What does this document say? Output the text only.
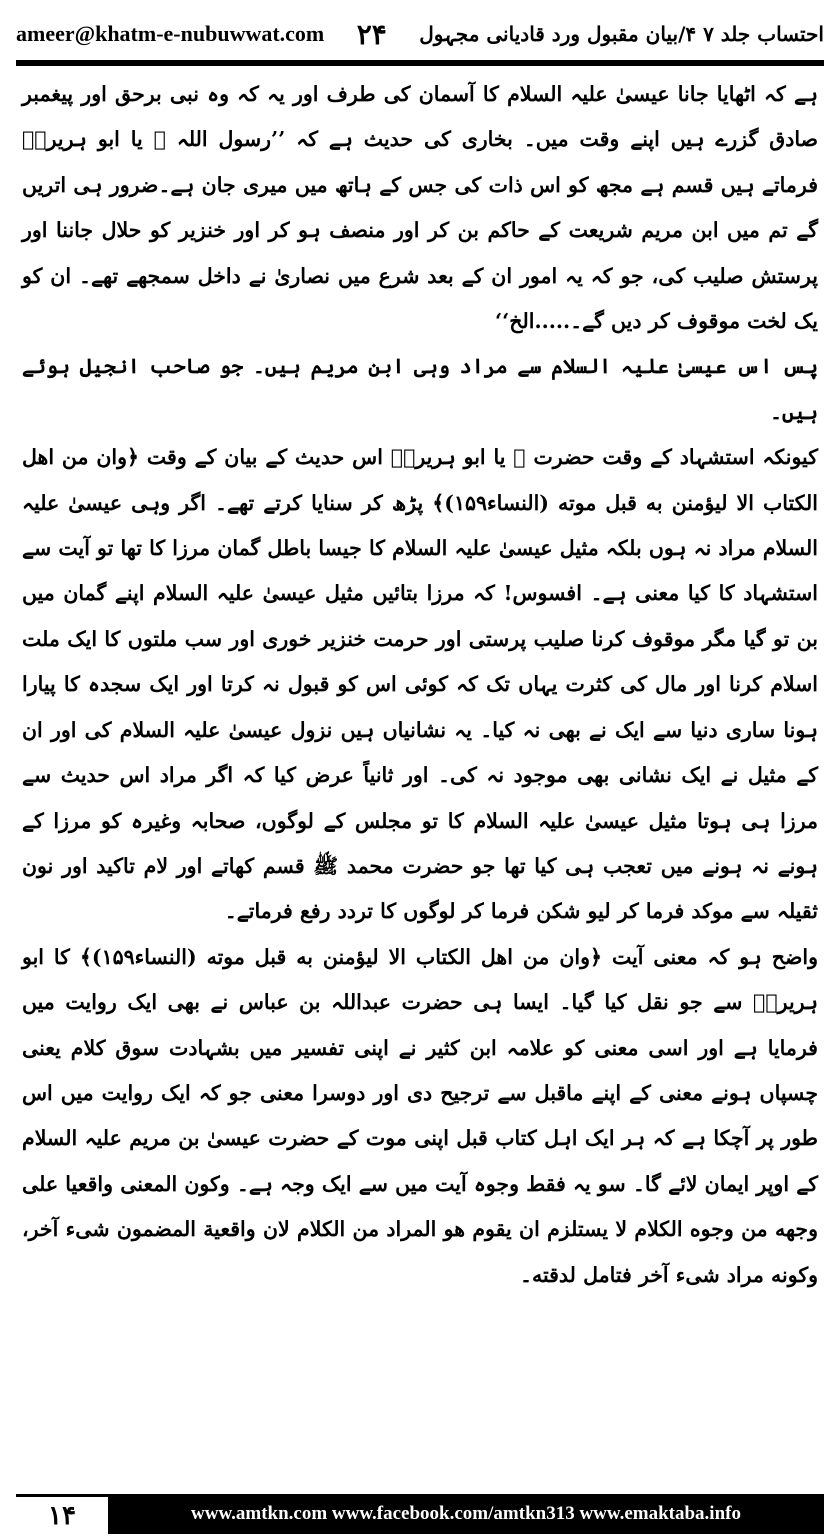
ameer@khatm-e-nubuwwat.com ۲۴ احتساب جلد ۷ ۴/بیان مقبول ورد قادیانی مجہول

ہے کہ اٹھایا جانا عیسیٰ علیہ السلام کا آسمان کی طرف اور یہ کہ وہ نبی برحق اور پیغمبر صادق گزرے ہیں اپنے وقت میں۔ بخاری کی حدیث ہے کہ ’’رسول اللہ ﷺ یا ابو ہریرہؓ فرماتے ہیں قسم ہے مجھ کو اس ذات کی جس کے ہاتھ میں میری جان ہے۔ضرور ہی اتریں گے تم میں ابن مریم شریعت کے حاکم بن کر اور منصف ہو کر اور خنزیر کو حلال جاننا اور پرستش صلیب کی، جو کہ یہ امور ان کے بعد شرع میں نصاریٰ نے داخل سمجھے تھے۔ ان کو یک لخت موقوف کر دیں گے۔.....الخ‘‘

پس اس عیسیٰ علیہ السلام سے مراد وہی ابن مریم ہیں۔ جو صاحب انجیل ہوئے ہیں۔

کیونکہ استشہاد کے وقت حضرت ﷺ یا ابو ہریرہؓ اس حدیث کے بیان کے وقت ﴿وان من اهل الكتاب الا ليؤمنن به قبل موته (النساء۱۵۹)﴾ پڑھ کر سنایا کرتے تھے۔ اگر وہی عیسیٰ علیہ السلام مراد نہ ہوں بلکہ مثیل عیسیٰ علیہ السلام کا جیسا باطل گمان مرزا کا تھا تو آیت سے استشہاد کا کیا معنی ہے۔ افسوس! کہ مرزا بتائیں مثیل عیسیٰ علیہ السلام اپنے گمان میں بن تو گیا مگر موقوف کرنا صلیب پرستی اور حرمت خنزیر خوری اور سب ملتوں کا ایک ملت اسلام کرنا اور مال کی کثرت یہاں تک کہ کوئی اس کو قبول نہ کرتا اور ایک سجدہ کا پیارا ہونا ساری دنیا سے ایک نے بھی نہ کیا۔ یہ نشانیاں ہیں نزول عیسیٰ علیہ السلام کی اور ان کے مثیل نے ایک نشانی بھی موجود نہ کی۔ اور ثانیاً عرض کیا کہ اگر مراد اس حدیث سے مرزا ہی ہوتا مثیل عیسیٰ علیہ السلام کا تو مجلس کے لوگوں، صحابہ وغیرہ کو مرزا کے ہونے نہ ہونے میں تعجب ہی کیا تھا جو حضرت محمد ﷺ قسم کھاتے اور لام تاکید اور نون ثقیلہ سے موکد فرما کر لیو شکن فرما کر لوگوں کا تردد رفع فرماتے۔

واضح ہو کہ معنی آیت ﴿وان من اهل الكتاب الا ليؤمنن به قبل موته (النساء۱۵۹)﴾ کا ابو ہریرہؓ سے جو نقل کیا گیا۔ ایسا ہی حضرت عبداللہ بن عباس نے بھی ایک روایت میں فرمایا ہے اور اسی معنی کو علامہ ابن کثیر نے اپنی تفسیر میں بشہادت سوق کلام یعنی چسپاں ہونے معنی کے اپنے ماقبل سے ترجیح دی اور دوسرا معنی جو کہ ایک روایت میں اس طور پر آچکا ہے کہ ہر ایک اہل کتاب قبل اپنی موت کے حضرت عیسیٰ بن مریم علیہ السلام کے اوپر ایمان لائے گا۔ سو یہ فقط وجوہ آیت میں سے ایک وجہ ہے۔ وكون المعنى واقعيا على وجهه من وجوه الكلام لا يستلزم ان يقوم هو المراد من الكلام لان واقعية المضمون شىء آخر، وكونه مراد شىء آخر فتامل لدقته۔

۱۴	www.amtkn.com www.facebook.com/amtkn313 www.emaktaba.info
